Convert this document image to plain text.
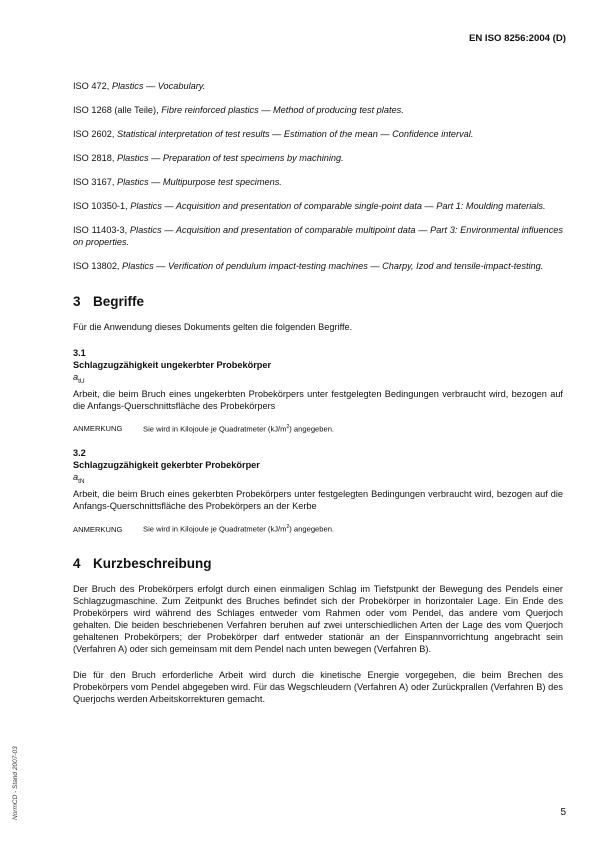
EN ISO 8256:2004 (D)

ISO 472, Plastics — Vocabulary.

ISO 1268 (alle Teile), Fibre reinforced plastics — Method of producing test plates.

ISO 2602, Statistical interpretation of test results — Estimation of the mean — Confidence interval.

ISO 2818, Plastics — Preparation of test specimens by machining.

ISO 3167, Plastics — Multipurpose test specimens.

ISO 10350-1, Plastics — Acquisition and presentation of comparable single-point data — Part 1: Moulding materials.

ISO 11403-3, Plastics — Acquisition and presentation of comparable multipoint data — Part 3: Environmental influences on properties.

ISO 13802, Plastics — Verification of pendulum impact-testing machines — Charpy, Izod and tensile-impact-testing.

3 Begriffe

Für die Anwendung dieses Dokuments gelten die folgenden Begriffe.

3.1

Schlagzugzähigkeit ungekerbter Probekörper

$a_{tU}$

Arbeit, die beim Bruch eines ungekerbten Probekörpers unter festgelegten Bedingungen verbraucht wird, bezogen auf die Anfangs-Querschnittsfläche des Probekörpers

ANMERKUNG	Sie wird in Kilojoule je Quadratmeter $(kJ/m^2)$ angegeben.

3.2

Schlagzugzähigkeit gekerbter Probekörper

$a_{tN}$

Arbeit, die beim Bruch eines gekerbten Probekörpers unter festgelegten Bedingungen verbraucht wird, bezogen auf die Anfangs-Querschnittsfläche des Probekörpers an der Kerbe

ANMERKUNG	Sie wird in Kilojoule je Quadratmeter $(kJ/m^2)$ angegeben.

4 Kurzbeschreibung

Der Bruch des Probekörpers erfolgt durch einen einmaligen Schlag im Tiefstpunkt der Bewegung des Pendels einer Schlagzugmaschine. Zum Zeitpunkt des Bruches befindet sich der Probekörper in horizontaler Lage. Ein Ende des Probekörpers wird während des Schlages entweder vom Rahmen oder vom Pendel, das andere vom Querjoch gehalten. Die beiden beschriebenen Verfahren beruhen auf zwei unterschiedlichen Arten der Lage des vom Querjoch gehaltenen Probekörpers; der Probekörper darf entweder stationär an der Einspannvorrichtung angebracht sein (Verfahren A) oder sich gemeinsam mit dem Pendel nach unten bewegen (Verfahren B).

Die für den Bruch erforderliche Arbeit wird durch die kinetische Energie vorgegeben, die beim Brechen des Probekörpers vom Pendel abgegeben wird. Für das Wegschleudern (Verfahren A) oder Zurückprallen (Verfahren B) des Querjochs werden Arbeitskorrekturen gemacht.

5
NormCD - Stand 2007-03
